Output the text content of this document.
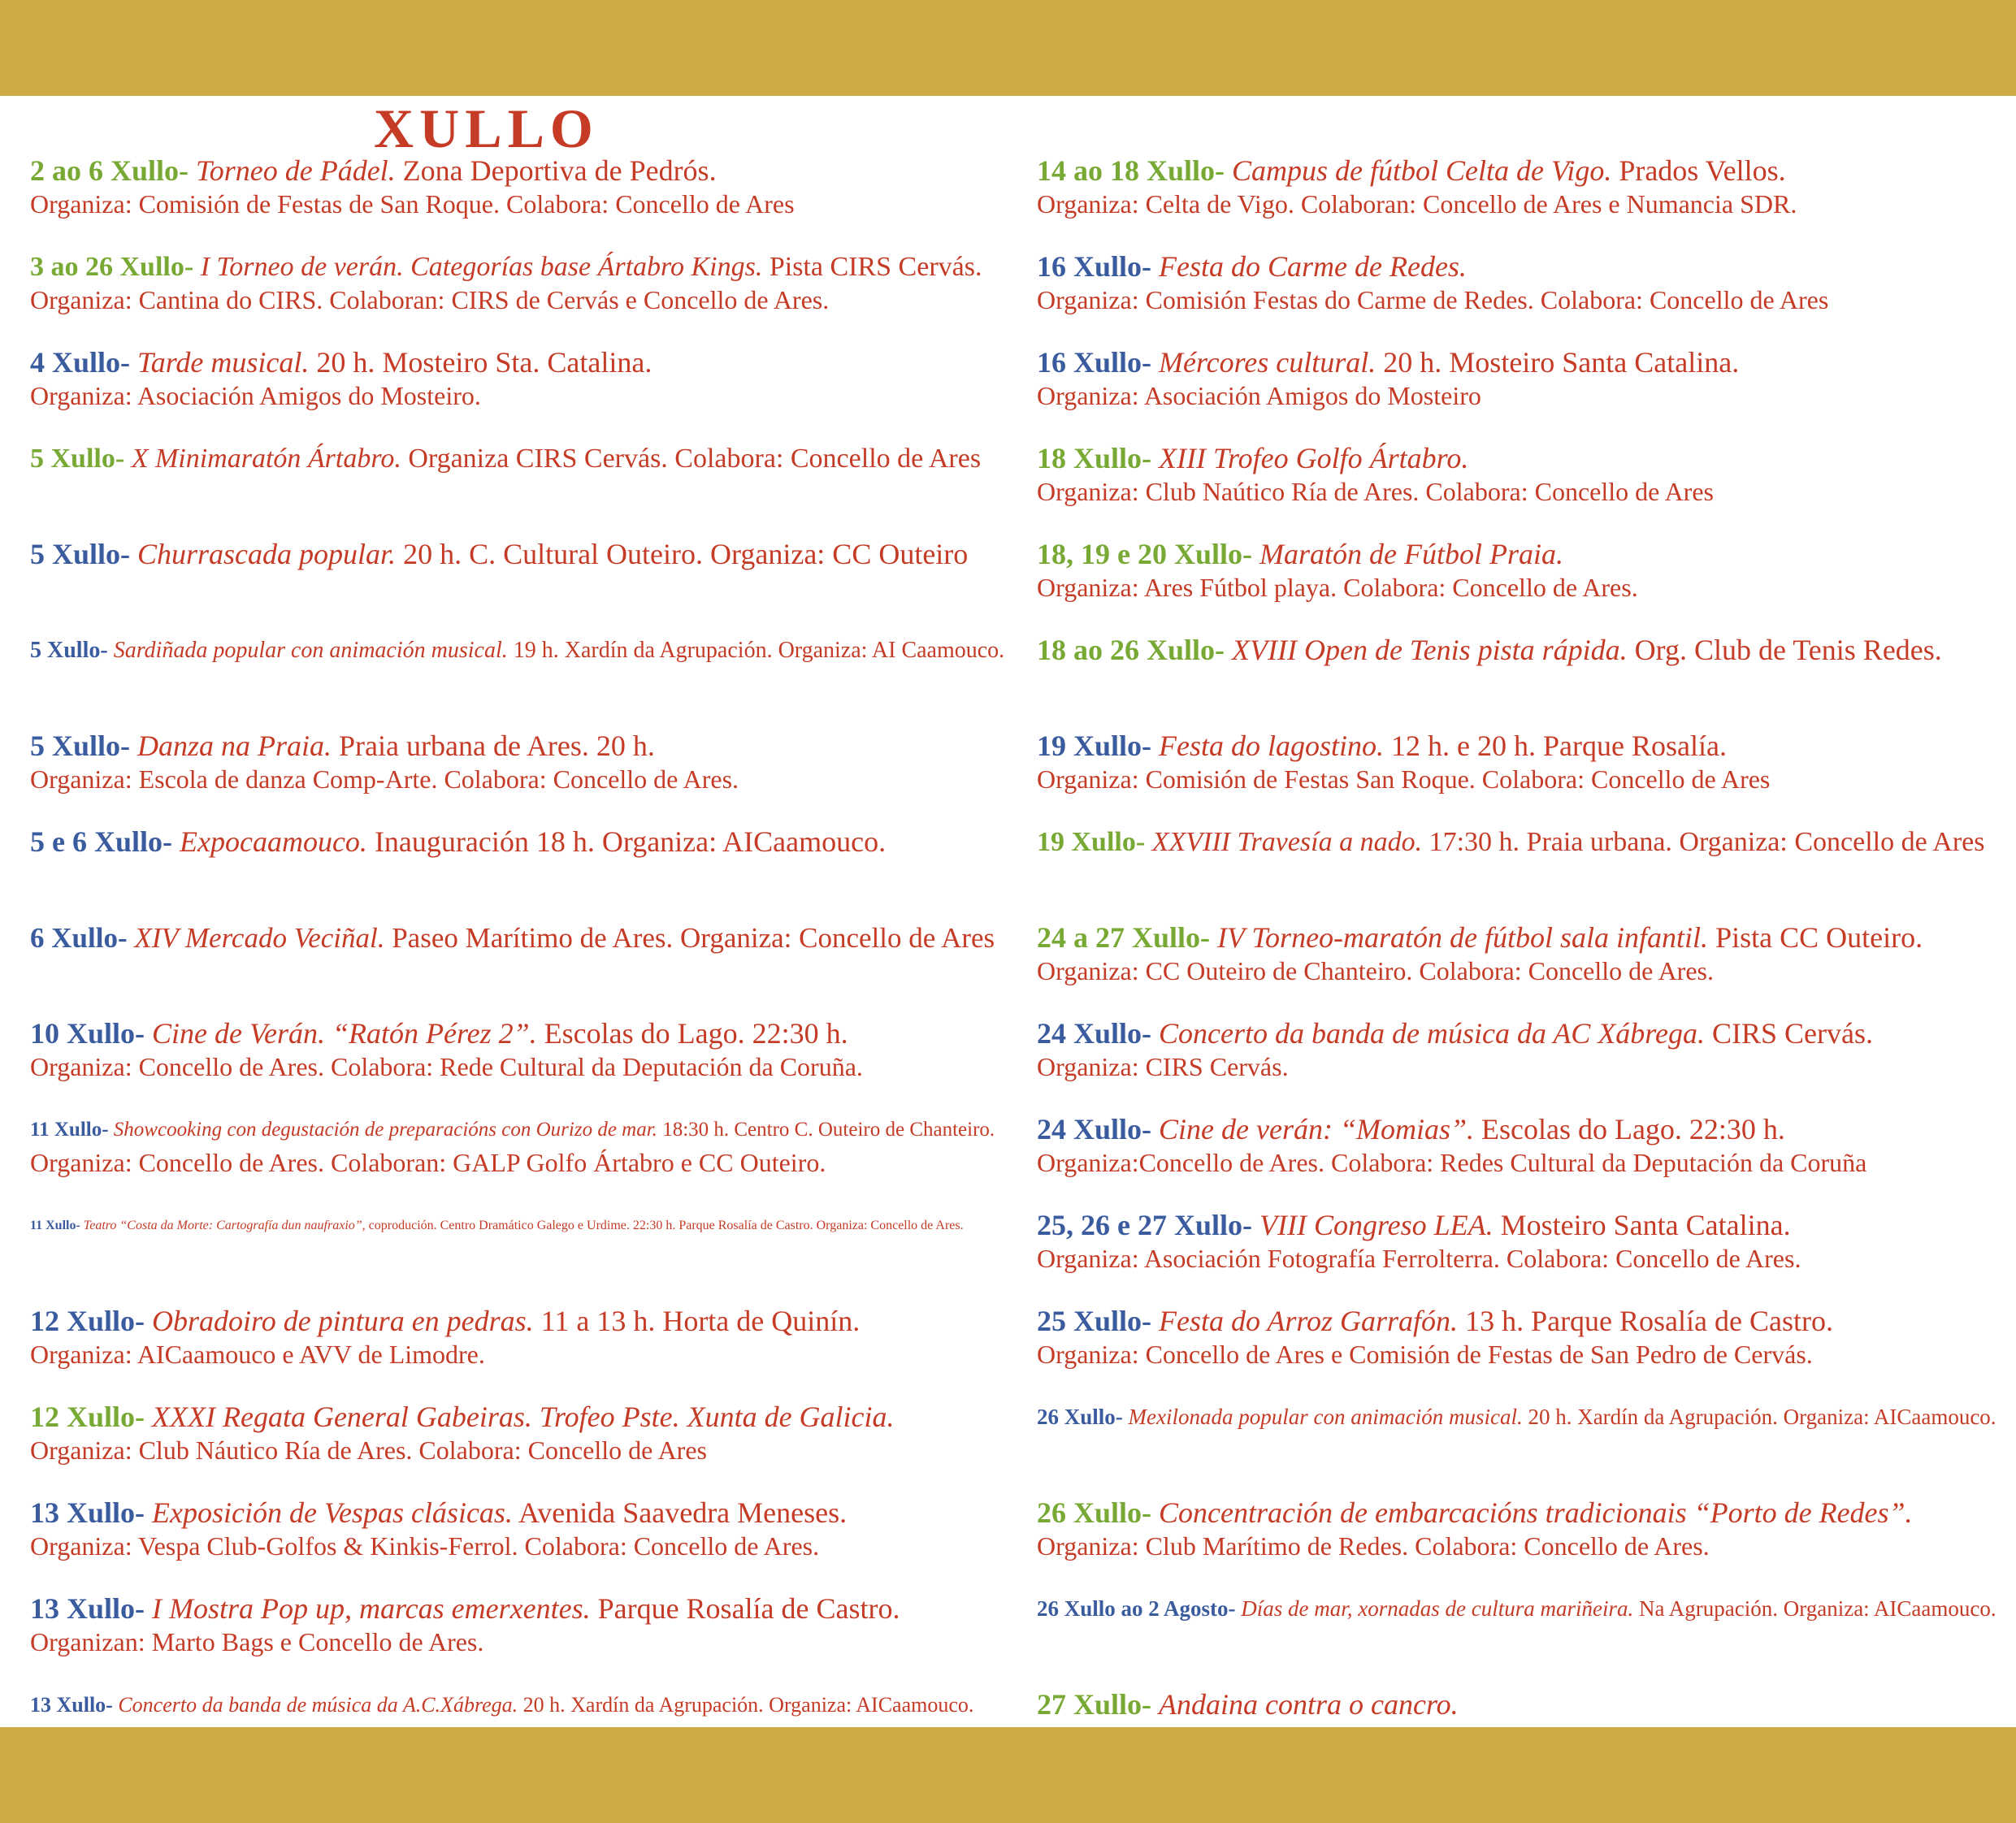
XULLO
2 ao 6 Xullo- Torneo de Pádel. Zona Deportiva de Pedrós.
Organiza: Comisión de Festas de San Roque. Colabora: Concello de Ares
3 ao 26 Xullo- I Torneo de verán. Categorías base Ártabro Kings. Pista CIRS Cervás.
Organiza: Cantina do CIRS. Colaboran: CIRS de Cervás e Concello de Ares.
4 Xullo- Tarde musical. 20 h. Mosteiro Sta. Catalina.
Organiza: Asociación Amigos do Mosteiro.
5 Xullo- X Minimaratón Ártabro. Organiza CIRS Cervás. Colabora: Concello de Ares
5 Xullo- Churrascada popular. 20 h. C. Cultural Outeiro. Organiza: CC Outeiro
5 Xullo- Sardiñada popular con animación musical. 19 h. Xardín da Agrupación. Organiza: AI Caamouco.
5 Xullo- Danza na Praia. Praia urbana de Ares. 20 h.
Organiza: Escola de danza Comp-Arte. Colabora: Concello de Ares.
5 e 6 Xullo- Expocaamouco. Inauguración 18 h. Organiza: AICaamouco.
6 Xullo- XIV Mercado Veciñal. Paseo Marítimo de Ares. Organiza: Concello de Ares
10 Xullo- Cine de Verán. “Ratón Pérez 2”. Escolas do Lago. 22:30 h.
Organiza: Concello de Ares. Colabora: Rede Cultural da Deputación da Coruña.
11 Xullo- Showcooking con degustación de preparacións con Ourizo de mar. 18:30 h. Centro C. Outeiro de Chanteiro.
Organiza: Concello de Ares. Colaboran: GALP Golfo Ártabro e CC Outeiro.
11 Xullo- Teatro “Costa da Morte: Cartografía dun naufraxio”, coprodución. Centro Dramático Galego e Urdime. 22:30 h. Parque Rosalía de Castro. Organiza: Concello de Ares.
12 Xullo- Obradoiro de pintura en pedras. 11 a 13 h. Horta de Quinín.
Organiza: AICaamouco e AVV de Limodre.
12 Xullo- XXXI Regata General Gabeiras. Trofeo Pste. Xunta de Galicia.
Organiza: Club Náutico Ría de Ares. Colabora: Concello de Ares
13 Xullo- Exposición de Vespas clásicas. Avenida Saavedra Meneses.
Organiza: Vespa Club-Golfos & Kinkis-Ferrol. Colabora: Concello de Ares.
13 Xullo- I Mostra Pop up, marcas emerxentes. Parque Rosalía de Castro.
Organizan: Marto Bags e Concello de Ares.
13 Xullo- Concerto da banda de música da A.C.Xábrega. 20 h. Xardín da Agrupación. Organiza: AICaamouco.
14 ao 18 Xullo- Campus de fútbol Celta de Vigo. Prados Vellos.
Organiza: Celta de Vigo. Colaboran: Concello de Ares e Numancia SDR.
16 Xullo- Festa do Carme de Redes.
Organiza: Comisión Festas do Carme de Redes. Colabora: Concello de Ares
16 Xullo- Mércores cultural. 20 h. Mosteiro Santa Catalina.
Organiza: Asociación Amigos do Mosteiro
18 Xullo- XIII Trofeo Golfo Ártabro.
Organiza: Club Naútico Ría de Ares. Colabora: Concello de Ares
18, 19 e 20 Xullo- Maratón de Fútbol Praia.
Organiza: Ares Fútbol playa. Colabora: Concello de Ares.
18 ao 26 Xullo- XVIII Open de Tenis pista rápida. Org. Club de Tenis Redes.
19 Xullo- Festa do lagostino. 12 h. e 20 h. Parque Rosalía.
Organiza: Comisión de Festas San Roque. Colabora: Concello de Ares
19 Xullo- XXVIII Travesía a nado. 17:30 h. Praia urbana. Organiza: Concello de Ares
24 a 27 Xullo- IV Torneo-maratón de fútbol sala infantil. Pista CC Outeiro.
Organiza: CC Outeiro de Chanteiro. Colabora: Concello de Ares.
24 Xullo- Concerto da banda de música da AC Xábrega. CIRS Cervás.
Organiza: CIRS Cervás.
24 Xullo- Cine de verán: “Momias”. Escolas do Lago. 22:30 h.
Organiza:Concello de Ares. Colabora: Redes Cultural da Deputación da Coruña
25, 26 e 27 Xullo- VIII Congreso LEA. Mosteiro Santa Catalina.
Organiza: Asociación Fotografía Ferrolterra. Colabora: Concello de Ares.
25 Xullo- Festa do Arroz Garrafón. 13 h. Parque Rosalía de Castro.
Organiza: Concello de Ares e Comisión de Festas de San Pedro de Cervás.
26 Xullo- Mexilonada popular con animación musical. 20 h. Xardín da Agrupación. Organiza: AICaamouco.
26 Xullo- Concentración de embarcacións tradicionais “Porto de Redes”.
Organiza: Club Marítimo de Redes. Colabora: Concello de Ares.
26 Xullo ao 2 Agosto- Días de mar, xornadas de cultura mariñeira. Na Agrupación. Organiza: AICaamouco.
27 Xullo- Andaina contra o cancro.
